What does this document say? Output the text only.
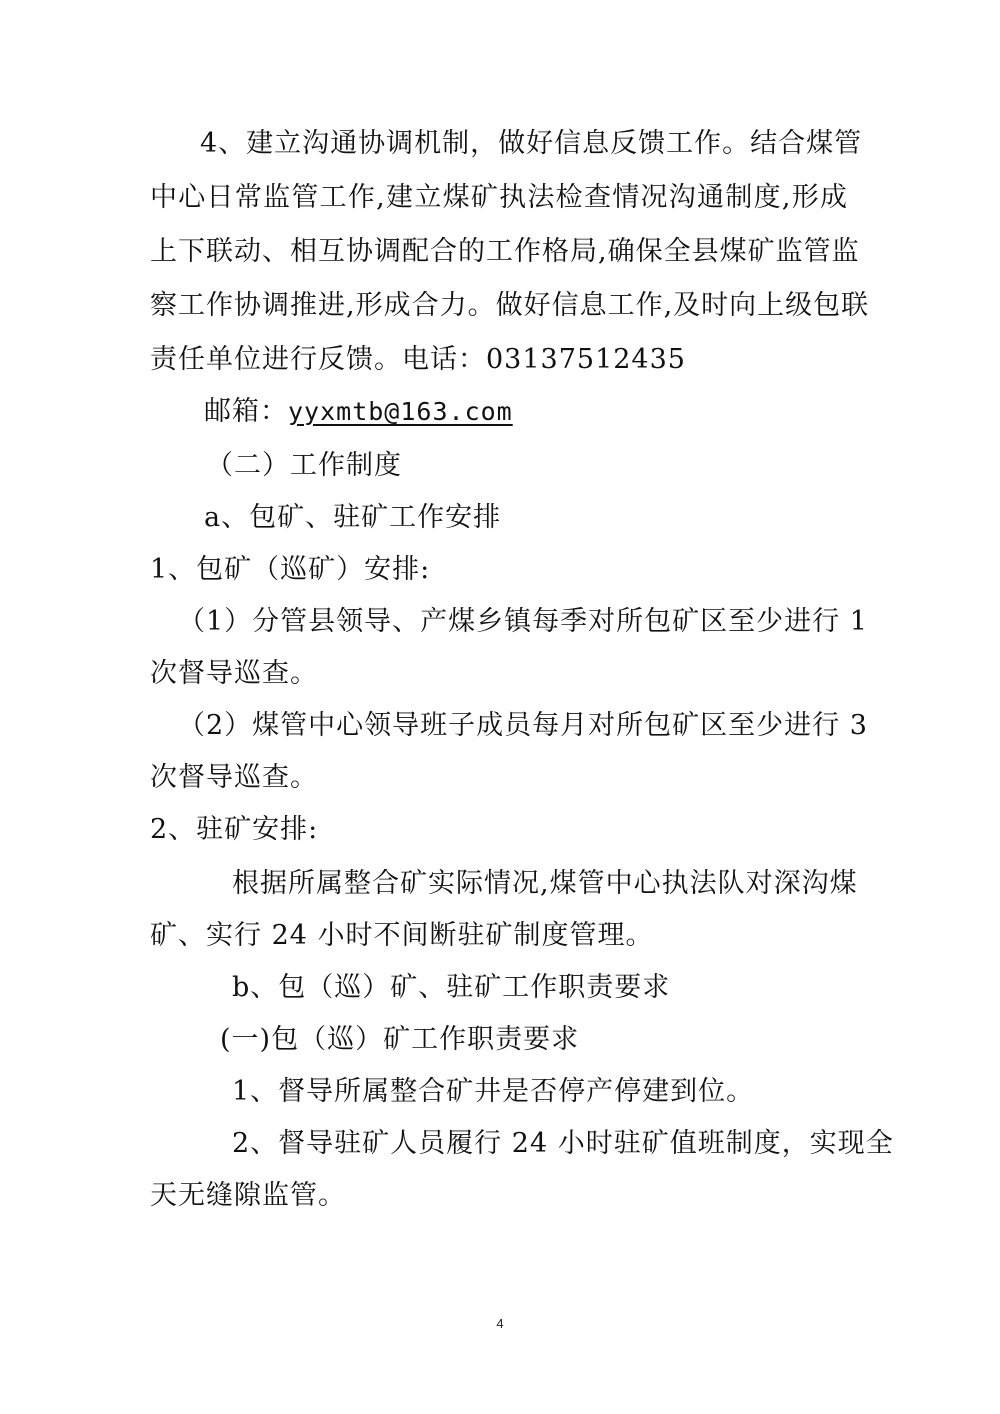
4、建立沟通协调机制，做好信息反馈工作。结合煤管
中心日常监管工作,建立煤矿执法检查情况沟通制度,形成
上下联动、相互协调配合的工作格局,确保全县煤矿监管监
察工作协调推进,形成合力。做好信息工作,及时向上级包联
责任单位进行反馈。电话：03137512435
邮箱：yyxmtb@163.com
（二）工作制度
a、包矿、驻矿工作安排
1、包矿（巡矿）安排:
（1）分管县领导、产煤乡镇每季对所包矿区至少进行 1
次督导巡查。
（2）煤管中心领导班子成员每月对所包矿区至少进行 3
次督导巡查。
2、驻矿安排:
根据所属整合矿实际情况,煤管中心执法队对深沟煤
矿、实行 24 小时不间断驻矿制度管理。
b、包（巡）矿、驻矿工作职责要求
(一)包（巡）矿工作职责要求
1、督导所属整合矿井是否停产停建到位。
2、督导驻矿人员履行 24 小时驻矿值班制度，实现全
天无缝隙监管。
4
